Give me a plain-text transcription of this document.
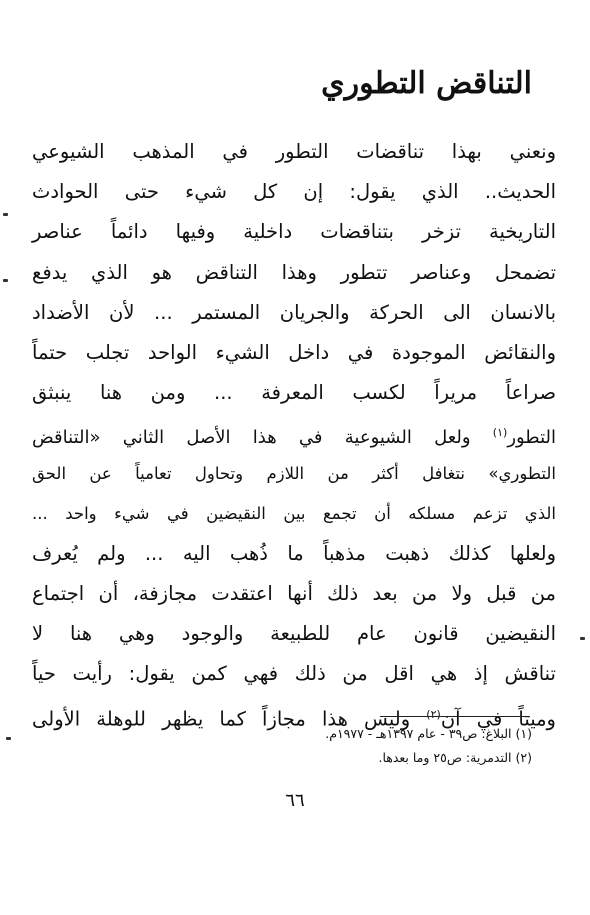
التناقض التطوري
ونعني بهذا تناقضات التطور في المذهب الشيوعي
الحديث.. الذي يقول: إن كل شيء حتى الحوادث
التاريخية تزخر بتناقضات داخلية وفيها دائماً عناصر
تضمحل وعناصر تتطور وهذا التناقض هو الذي يدفع
بالانسان الى الحركة والجريان المستمر ... لأن الأضداد
والنقائض الموجودة في داخل الشيء الواحد تجلب حتماً
صراعاً مريراً لكسب المعرفة ... ومن هنا ينبثق
التطور$^{(١)}$ ولعل الشيوعية في هذا الأصل الثاني «التناقض
التطوري» نتغافل أكثر من اللازم وتحاول تعامياً عن الحق
الذي تزعم مسلكه أن تجمع بين النقيضين في شيء واحد ...
ولعلها كذلك ذهبت مذهباً ما ذُهب اليه ... ولم يُعرف
من قبل ولا من بعد ذلك أنها اعتقدت مجازفة، أن اجتماع
النقيضين قانون عام للطبيعة والوجود وهي هنا لا
تناقش إذ هي اقل من ذلك فهي كمن يقول: رأيت حياً
وميتاً في آن$^{(٢)}$ وليس هذا مجازاً كما يظهر للوهلة الأولى
(١) البلاغ: ص٣٩ - عام ١٣٩٧هـ - ١٩٧٧م.
(٢) التدمرية: ص٢٥ وما بعدها.
٦٦
